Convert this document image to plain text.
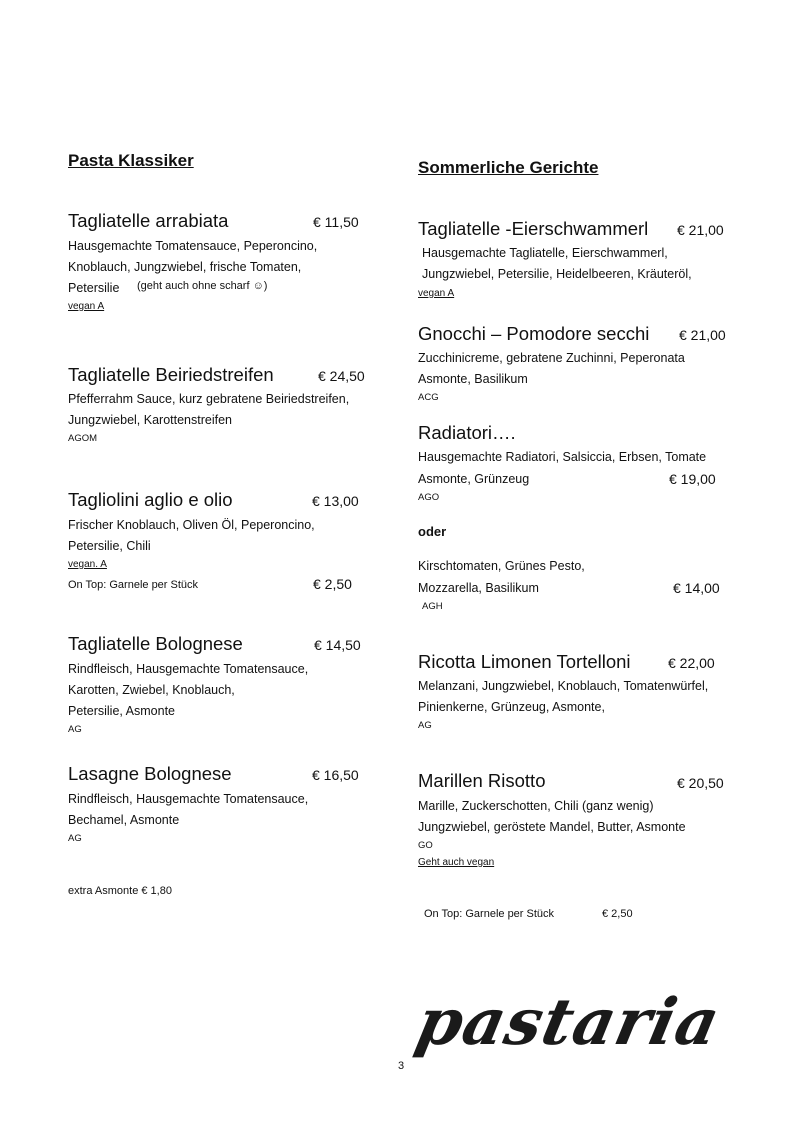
Pasta Klassiker
Tagliatelle arrabiata	€ 11,50
Hausgemachte Tomatensauce, Peperoncino,
Knoblauch, Jungzwiebel, frische Tomaten,
Petersilie (geht auch ohne scharf ☺)
vegan A
Tagliatelle Beiriedstreifen	€ 24,50
Pfefferrahm Sauce, kurz gebratene Beiriedstreifen,
Jungzwiebel, Karottenstreifen
AGOM
Tagliolini aglio e olio	€ 13,00
Frischer Knoblauch, Oliven Öl, Peperoncino,
Petersilie, Chili
vegan. A
On Top: Garnele per Stück	€ 2,50
Tagliatelle Bolognese	€ 14,50
Rindfleisch, Hausgemachte Tomatensauce,
Karotten, Zwiebel, Knoblauch,
Petersilie, Asmonte
AG
Lasagne Bolognese	€ 16,50
Rindfleisch, Hausgemachte Tomatensauce,
Bechamel, Asmonte
AG
extra Asmonte € 1,80
Sommerliche Gerichte
Tagliatelle -Eierschwammerl € 21,00
Hausgemachte Tagliatelle, Eierschwammerl,
Jungzwiebel, Petersilie, Heidelbeeren, Kräuteröl,
vegan A
Gnocchi – Pomodore secchi € 21,00
Zucchinicreme, gebratene Zuchinni, Peperonata
Asmonte, Basilikum
ACG
Radiatori….
Hausgemachte Radiatori, Salsiccia, Erbsen, Tomate
Asmonte, Grünzeug	€ 19,00
AGO
oder
Kirschtomaten, Grünes Pesto,
Mozzarella, Basilikum	€ 14,00
AGH
Ricotta Limonen Tortelloni	€ 22,00
Melanzani, Jungzwiebel, Knoblauch, Tomatenwürfel,
Pinienkerne, Grünzeug, Asmonte,
AG
Marillen Risotto	€ 20,50
Marille, Zuckerschotten, Chili (ganz wenig)
Jungzwiebel, geröstete Mandel, Butter, Asmonte
GO
Geht auch vegan
On Top: Garnele per Stück	€ 2,50
pastaria
3
